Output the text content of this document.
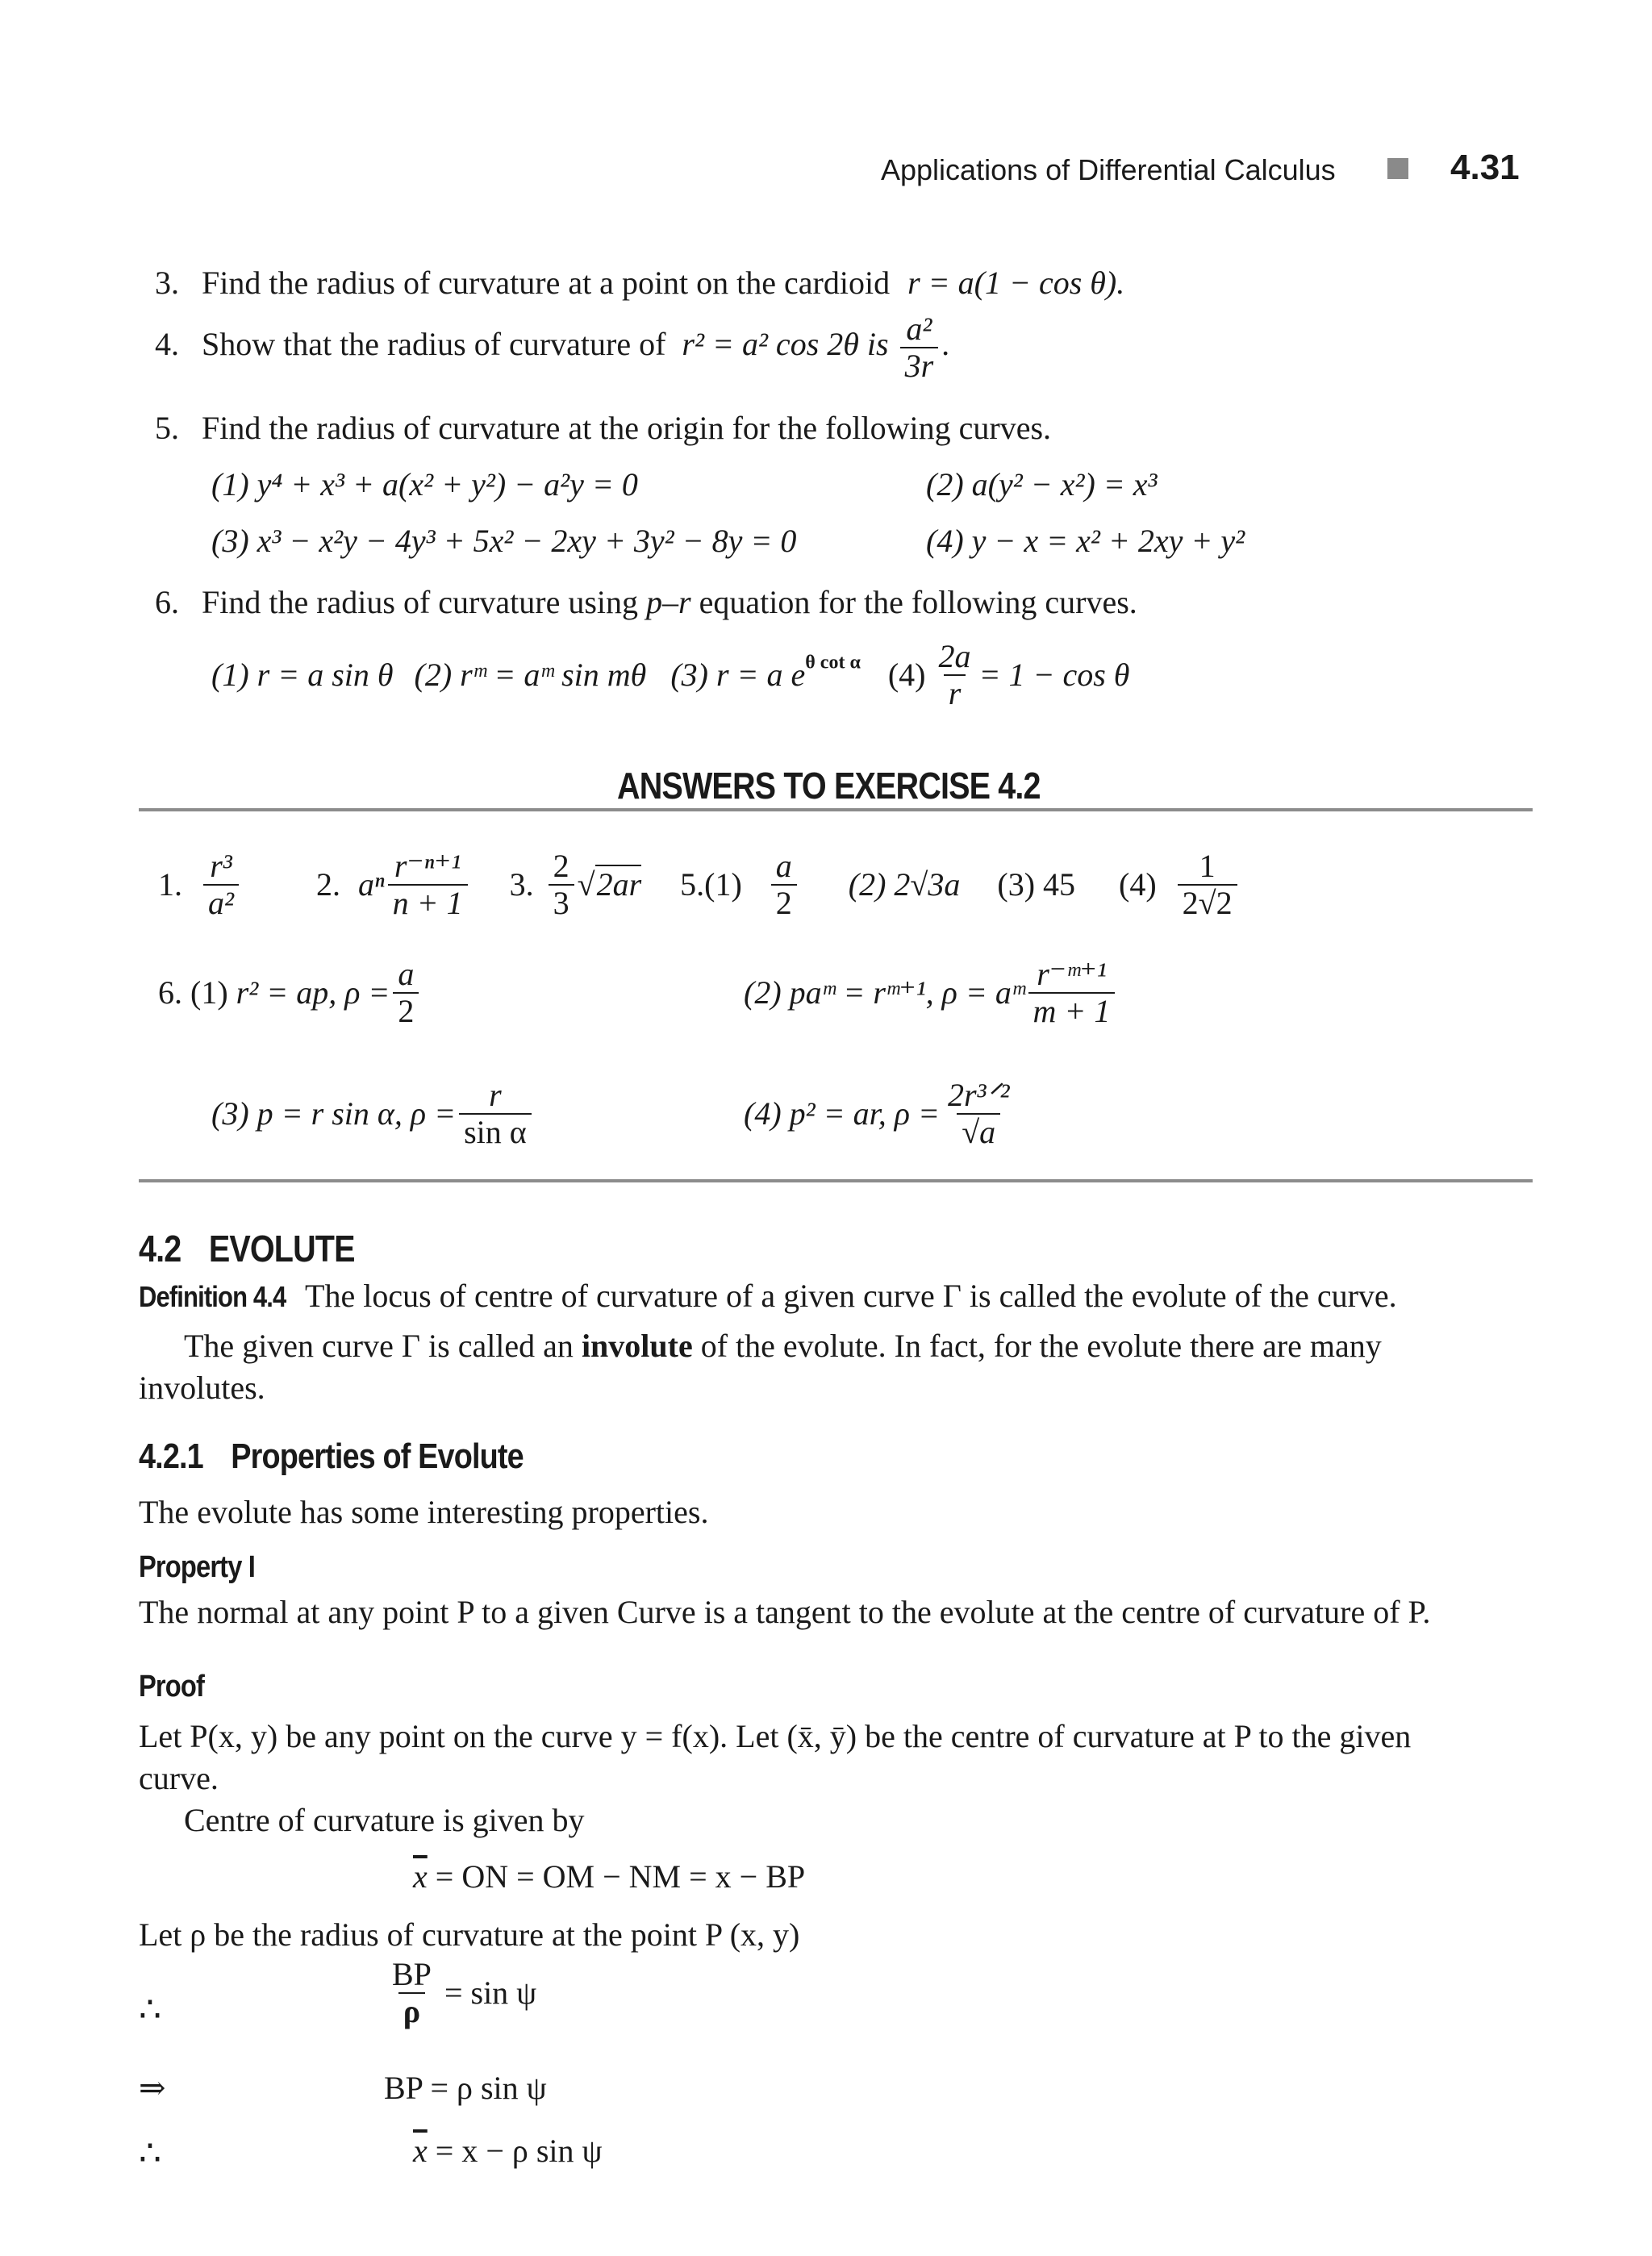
Applications of Differential Calculus	4.31
3. Find the radius of curvature at a point on the cardioid r = a(1 − cos θ).
4. Show that the radius of curvature of r² = a² cos 2θ is $\frac{\text{a²}}{3r}$ .
5. Find the radius of curvature at the origin for the following curves.
(1) y⁴ + x³ + a(x² + y²) − a²y = 0	(2) a(y² − x²) = x³
(3) x³ − x²y − 4y³ + 5x² − 2xy + 3y² − 8y = 0	(4) y − x = x² + 2xy + y²
6. Find the radius of curvature using p–r equation for the following curves.
(1) r = a sin θ (2) rᵐ = aᵐ sin mθ (3) r = a $e^{\theta cot \alpha}$ $(4) \frac{2a}{r} = 1 - \cos \theta$
ANSWERS TO EXERCISE 4.2
1. $\frac{\text{r³}}{\text{a²}} 2$. aⁿ $\frac{\text{r⁻ⁿ⁺¹}}{n + 1} 3$. $\frac{2}{3} √2ar$ $5.(1) \frac{a}{2} (2)$ 2√3a (3) 45 $(4) \frac{1}{2√2}$
6. (1) r² = ap, $\rho = \frac{a}{2}$	(2) paᵐ = rᵐ⁺¹, ρ = aᵐ $\frac{\text{r⁻ᵐ⁺¹}}{m + 1}$
(3) p = r sin α, $\rho = \frac{r}{\text{sin α}}$	(4) p² = ar, $\rho = \frac{\text{2r³ᐟ²}}{√a}$
4.2 EVOLUTE
Definition 4.4 The locus of centre of curvature of a given curve Γ is called the evolute of the curve.
The given curve Γ is called an involute of the evolute. In fact, for the evolute there are many
involutes.
4.2.1 Properties of Evolute
The evolute has some interesting properties.
Property I
The normal at any point P to a given Curve is a tangent to the evolute at the centre of curvature of P.
Proof
Let P(x, y) be any point on the curve y = f(x). Let (x̄, ȳ) be the centre of curvature at P to the given
curve.
Centre of curvature is given by
$\overline{x}$ = ON = OM − NM = x − BP
Let ρ be the radius of curvature at the point P (x, y)
∴	$\frac{BP}{\rho} = \sin \psi$
⇒	BP = ρ sin ψ
∴	$\overline{x} = x - \rho$ sin ψ
